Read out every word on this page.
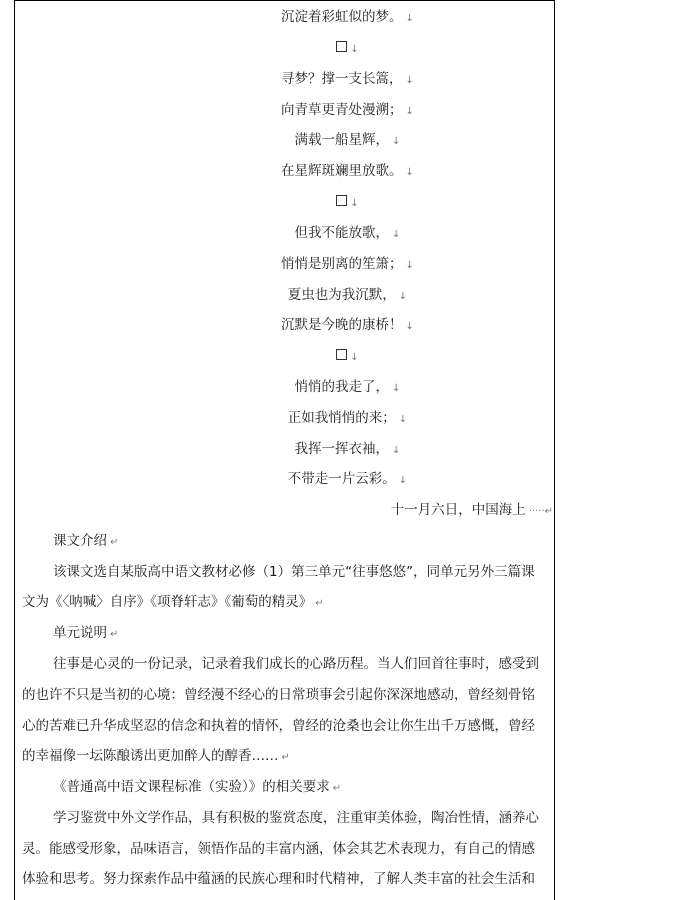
沉淀着彩虹似的梦。 ↓
↓
寻梦？撑一支长篙， ↓
向青草更青处漫溯； ↓
满载一船星辉， ↓
在星辉斑斓里放歌。 ↓
↓
但我不能放歌， ↓
悄悄是别离的笙箫； ↓
夏虫也为我沉默， ↓
沉默是今晚的康桥！ ↓
↓
悄悄的我走了， ↓
正如我悄悄的来； ↓
我挥一挥衣袖， ↓
不带走一片云彩。 ↓
十一月六日，中国海上 ·····↵
课文介绍 ↵
该课文选自某版高中语文教材必修（1）第三单元“往事悠悠”，同单元另外三篇课
文为《〈呐喊〉自序》《项脊轩志》《葡萄的精灵》 ↵
单元说明 ↵
往事是心灵的一份记录，记录着我们成长的心路历程。当人们回首往事时，感受到
的也许不只是当初的心境：曾经漫不经心的日常琐事会引起你深深地感动，曾经刻骨铭
心的苦难已升华成坚忍的信念和执着的情怀，曾经的沧桑也会让你生出千万感慨，曾经
的幸福像一坛陈酿诱出更加醉人的醇香…… ↵
《普通高中语文课程标准（实验）》的相关要求 ↵
学习鉴赏中外文学作品，具有积极的鉴赏态度，注重审美体验，陶冶性情，涵养心
灵。能感受形象，品味语言，领悟作品的丰富内涵，体会其艺术表现力，有自己的情感
体验和思考。努力探索作品中蕴涵的民族心理和时代精神，了解人类丰富的社会生活和
